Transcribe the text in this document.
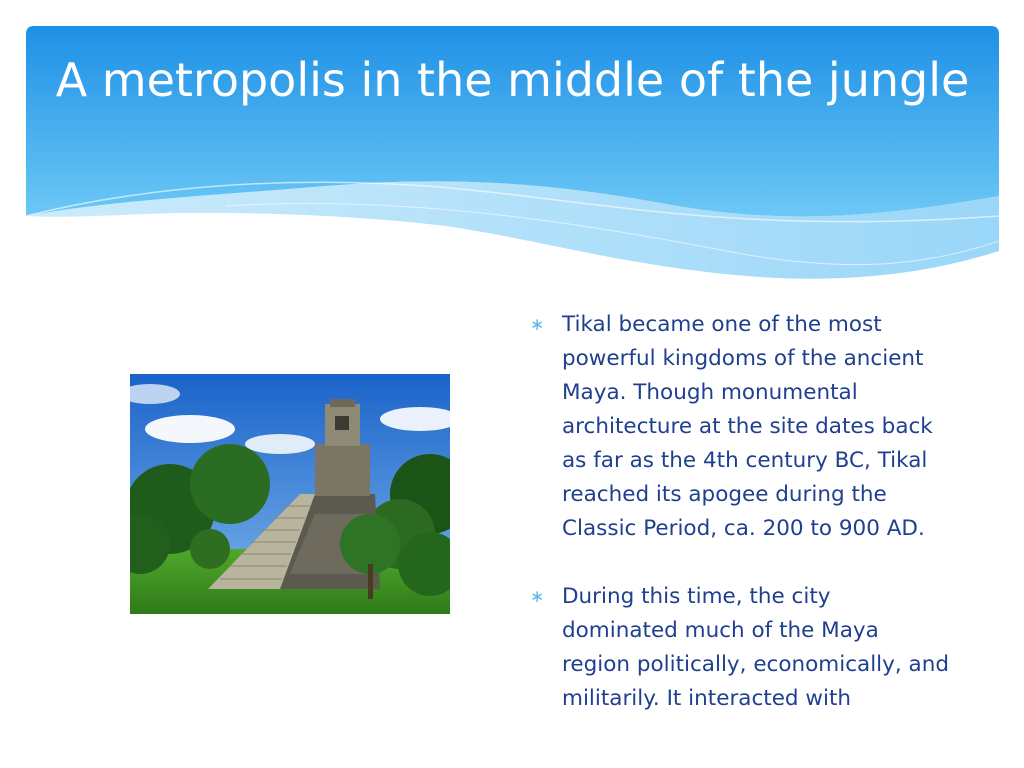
A metropolis in the middle of the jungle
∗ Tikal became one of the most powerful kingdoms of the ancient Maya. Though monumental architecture at the site dates back as far as the 4th century BC, Tikal reached its apogee during the Classic Period, ca. 200 to 900 AD.
∗ During this time, the city dominated much of the Maya region politically, economically, and militarily. It interacted with
